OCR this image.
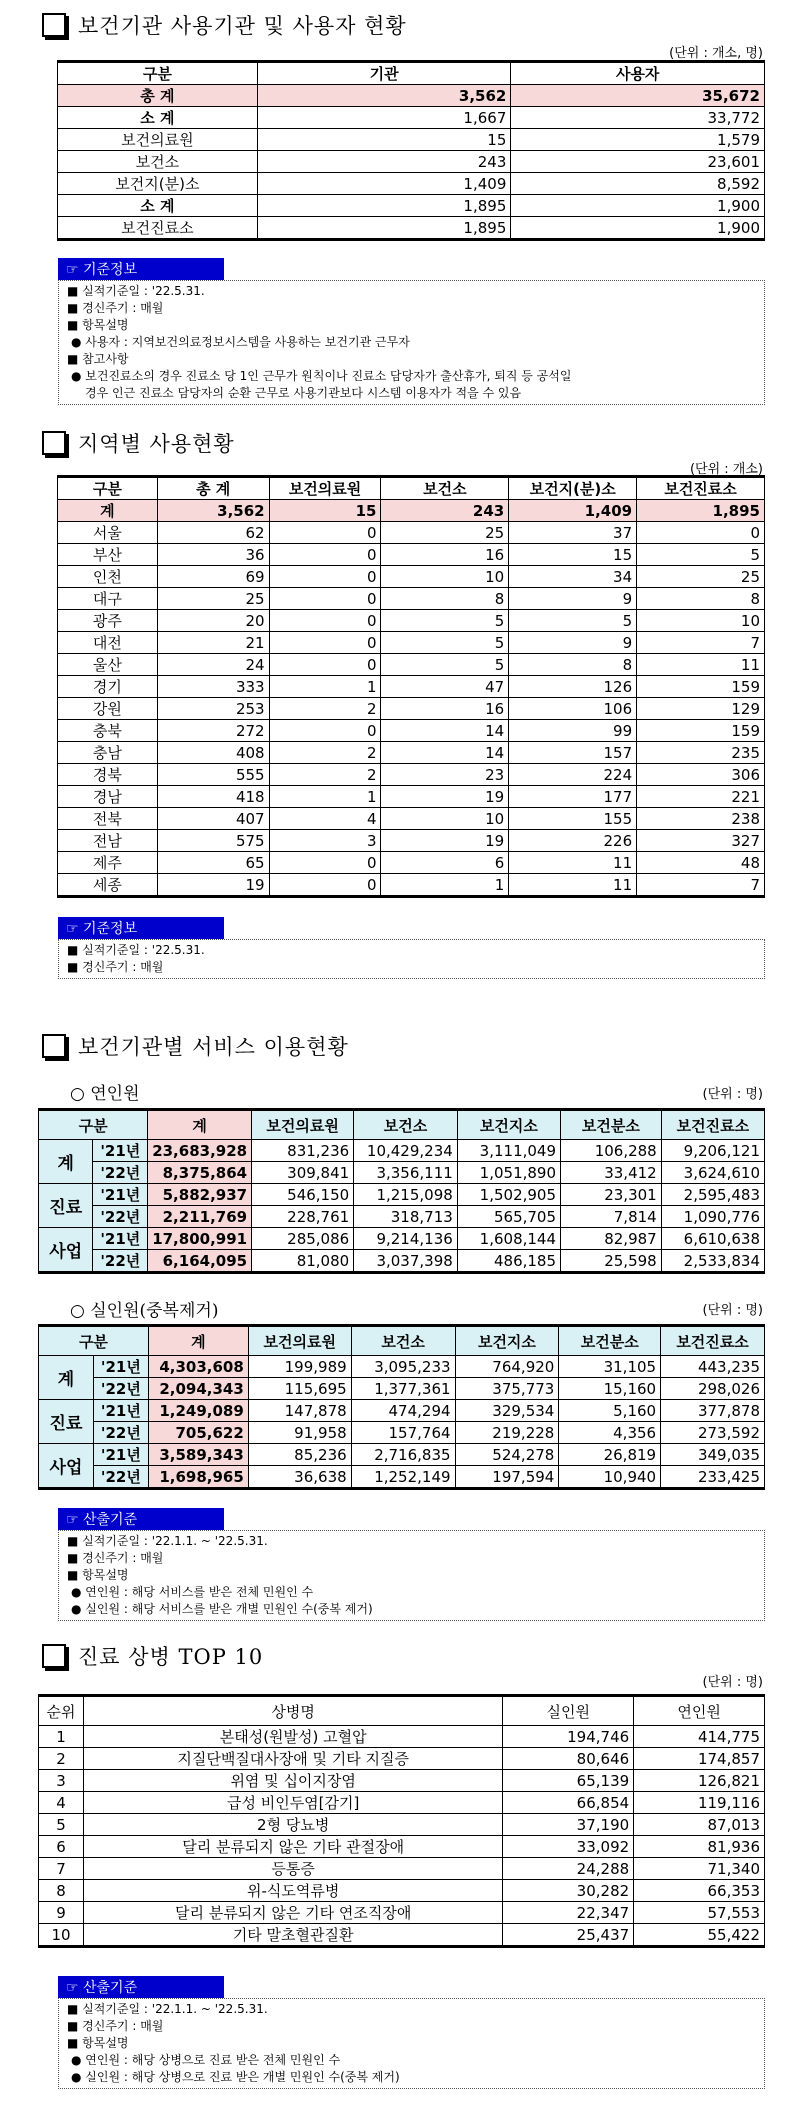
보건기관 사용기관 및 사용자 현황
(단위 : 개소, 명)
구분	기관	사용자
총 계	3,562	35,672
소 계	1,667	33,772
보건의료원	15	1,579
보건소	243	23,601
보건지(분)소	1,409	8,592
소 계	1,895	1,900
보건진료소	1,895	1,900
☞ 기준정보
■ 실적기준일 : '22.5.31.
■ 경신주기 : 매월
■ 항목설명
● 사용자 : 지역보건의료정보시스템을 사용하는 보건기관 근무자
■ 참고사항
● 보건진료소의 경우 진료소 당 1인 근무가 원칙이나 진료소 담당자가 출산휴가, 퇴직 등 공석일
경우 인근 진료소 담당자의 순환 근무로 사용기관보다 시스템 이용자가 적을 수 있음
지역별 사용현황
(단위 : 개소)
구분	총 계	보건의료원	보건소	보건지(분)소	보건진료소
계	3,562	15	243	1,409	1,895
서울	62	0	25	37	0
부산	36	0	16	15	5
인천	69	0	10	34	25
대구	25	0	8	9	8
광주	20	0	5	5	10
대전	21	0	5	9	7
울산	24	0	5	8	11
경기	333	1	47	126	159
강원	253	2	16	106	129
충북	272	0	14	99	159
충남	408	2	14	157	235
경북	555	2	23	224	306
경남	418	1	19	177	221
전북	407	4	10	155	238
전남	575	3	19	226	327
제주	65	0	6	11	48
세종	19	0	1	11	7
☞ 기준정보
■ 실적기준일 : '22.5.31.
■ 경신주기 : 매월
보건기관별 서비스 이용현황
○ 연인원	(단위 : 명)
구분		계	보건의료원	보건소	보건지소	보건분소	보건진료소
계	'21년	23,683,928	831,236	10,429,234	3,111,049	106,288	9,206,121
	'22년	8,375,864	309,841	3,356,111	1,051,890	33,412	3,624,610
진료	'21년	5,882,937	546,150	1,215,098	1,502,905	23,301	2,595,483
	'22년	2,211,769	228,761	318,713	565,705	7,814	1,090,776
사업	'21년	17,800,991	285,086	9,214,136	1,608,144	82,987	6,610,638
	'22년	6,164,095	81,080	3,037,398	486,185	25,598	2,533,834
○ 실인원(중복제거)	(단위 : 명)
구분		계	보건의료원	보건소	보건지소	보건분소	보건진료소
계	'21년	4,303,608	199,989	3,095,233	764,920	31,105	443,235
	'22년	2,094,343	115,695	1,377,361	375,773	15,160	298,026
진료	'21년	1,249,089	147,878	474,294	329,534	5,160	377,878
	'22년	705,622	91,958	157,764	219,228	4,356	273,592
사업	'21년	3,589,343	85,236	2,716,835	524,278	26,819	349,035
	'22년	1,698,965	36,638	1,252,149	197,594	10,940	233,425
☞ 산출기준
■ 실적기준일 : '22.1.1. ~ '22.5.31.
■ 경신주기 : 매월
■ 항목설명
● 연인원 : 해당 서비스를 받은 전체 민원인 수
● 실인원 : 해당 서비스를 받은 개별 민원인 수(중복 제거)
진료 상병 TOP 10
(단위 : 명)
순위	상병명	실인원	연인원
1	본태성(원발성) 고혈압	194,746	414,775
2	지질단백질대사장애 및 기타 지질증	80,646	174,857
3	위염 및 십이지장염	65,139	126,821
4	급성 비인두염[감기]	66,854	119,116
5	2형 당뇨병	37,190	87,013
6	달리 분류되지 않은 기타 관절장애	33,092	81,936
7	등통증	24,288	71,340
8	위-식도역류병	30,282	66,353
9	달리 분류되지 않은 기타 연조직장애	22,347	57,553
10	기타 말초혈관질환	25,437	55,422
☞ 산출기준
■ 실적기준일 : '22.1.1. ~ '22.5.31.
■ 경신주기 : 매월
■ 항목설명
● 연인원 : 해당 상병으로 진료 받은 전체 민원인 수
● 실인원 : 해당 상병으로 진료 받은 개별 민원인 수(중복 제거)
